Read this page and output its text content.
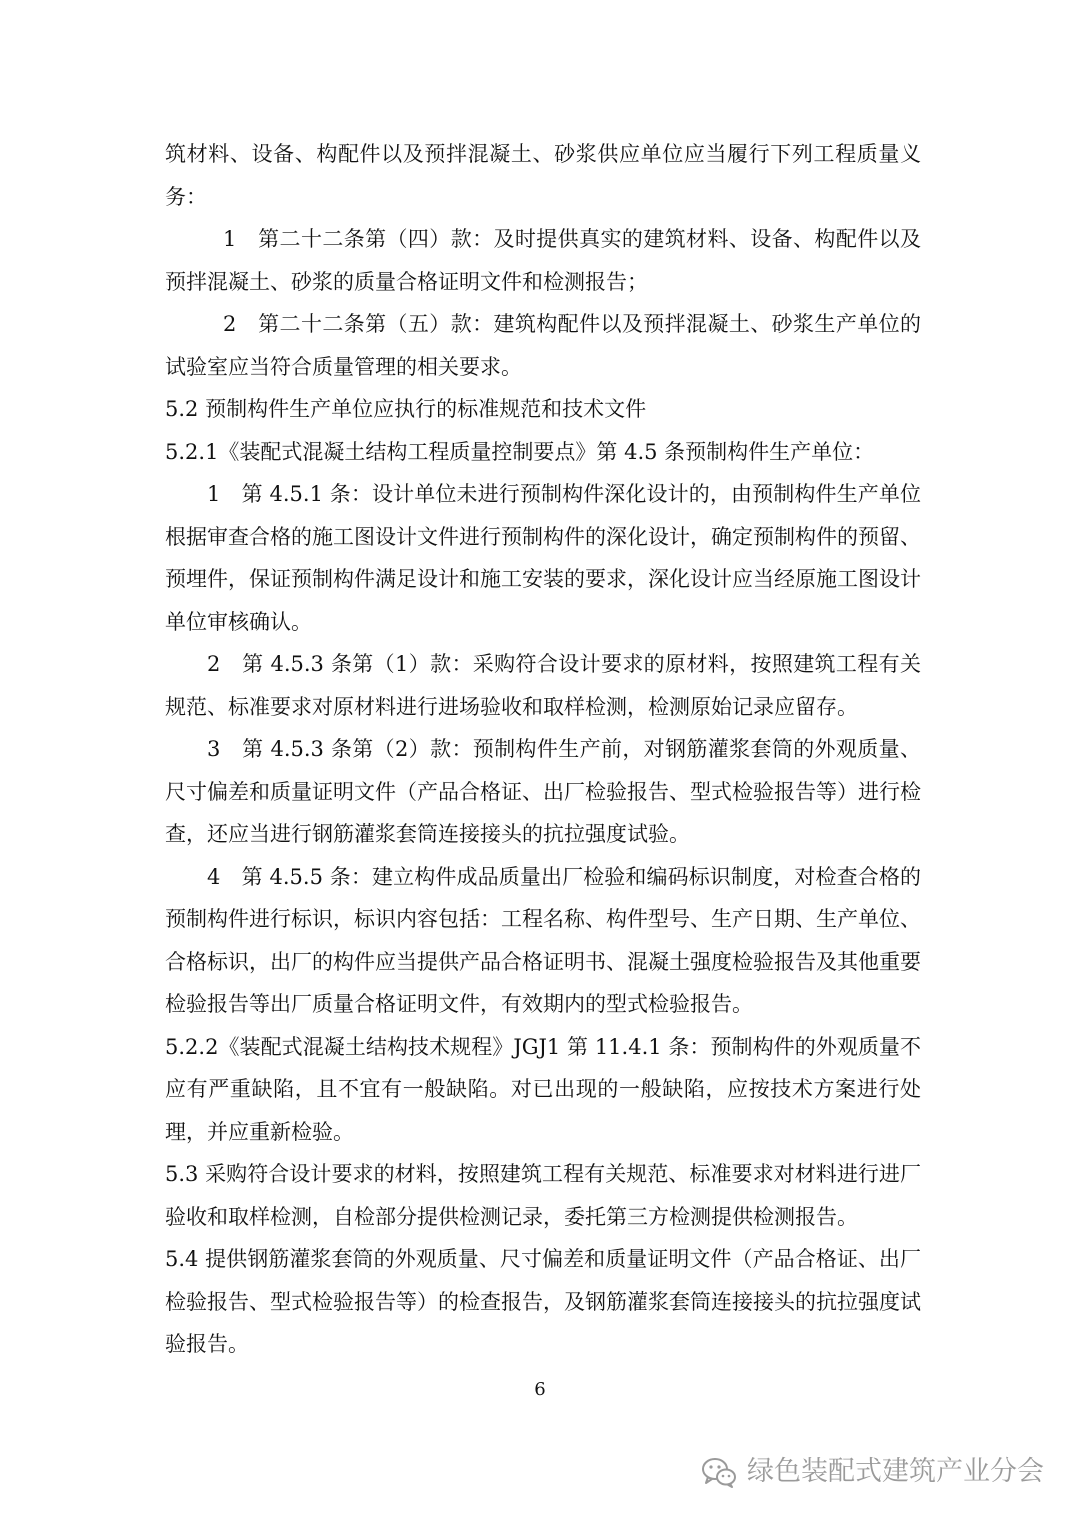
筑材料、设备、构配件以及预拌混凝土、砂浆供应单位应当履行下列工程质量义务：

1　第二十二条第（四）款：及时提供真实的建筑材料、设备、构配件以及预拌混凝土、砂浆的质量合格证明文件和检测报告；

2　第二十二条第（五）款：建筑构配件以及预拌混凝土、砂浆生产单位的试验室应当符合质量管理的相关要求。

5.2 预制构件生产单位应执行的标准规范和技术文件

5.2.1《装配式混凝土结构工程质量控制要点》第 4.5 条预制构件生产单位：

1　第 4.5.1 条：设计单位未进行预制构件深化设计的，由预制构件生产单位根据审查合格的施工图设计文件进行预制构件的深化设计，确定预制构件的预留、预埋件，保证预制构件满足设计和施工安装的要求，深化设计应当经原施工图设计单位审核确认。

2　第 4.5.3 条第（1）款：采购符合设计要求的原材料，按照建筑工程有关规范、标准要求对原材料进行进场验收和取样检测，检测原始记录应留存。

3　第 4.5.3 条第（2）款：预制构件生产前，对钢筋灌浆套筒的外观质量、尺寸偏差和质量证明文件（产品合格证、出厂检验报告、型式检验报告等）进行检查，还应当进行钢筋灌浆套筒连接接头的抗拉强度试验。

4　第 4.5.5 条：建立构件成品质量出厂检验和编码标识制度，对检查合格的预制构件进行标识，标识内容包括：工程名称、构件型号、生产日期、生产单位、合格标识，出厂的构件应当提供产品合格证明书、混凝土强度检验报告及其他重要检验报告等出厂质量合格证明文件，有效期内的型式检验报告。

5.2.2《装配式混凝土结构技术规程》JGJ1 第 11.4.1 条：预制构件的外观质量不应有严重缺陷，且不宜有一般缺陷。对已出现的一般缺陷，应按技术方案进行处理，并应重新检验。

5.3 采购符合设计要求的材料，按照建筑工程有关规范、标准要求对材料进行进厂验收和取样检测，自检部分提供检测记录，委托第三方检测提供检测报告。

5.4 提供钢筋灌浆套筒的外观质量、尺寸偏差和质量证明文件（产品合格证、出厂检验报告、型式检验报告等）的检查报告，及钢筋灌浆套筒连接接头的抗拉强度试验报告。

6
绿色装配式建筑产业分会
